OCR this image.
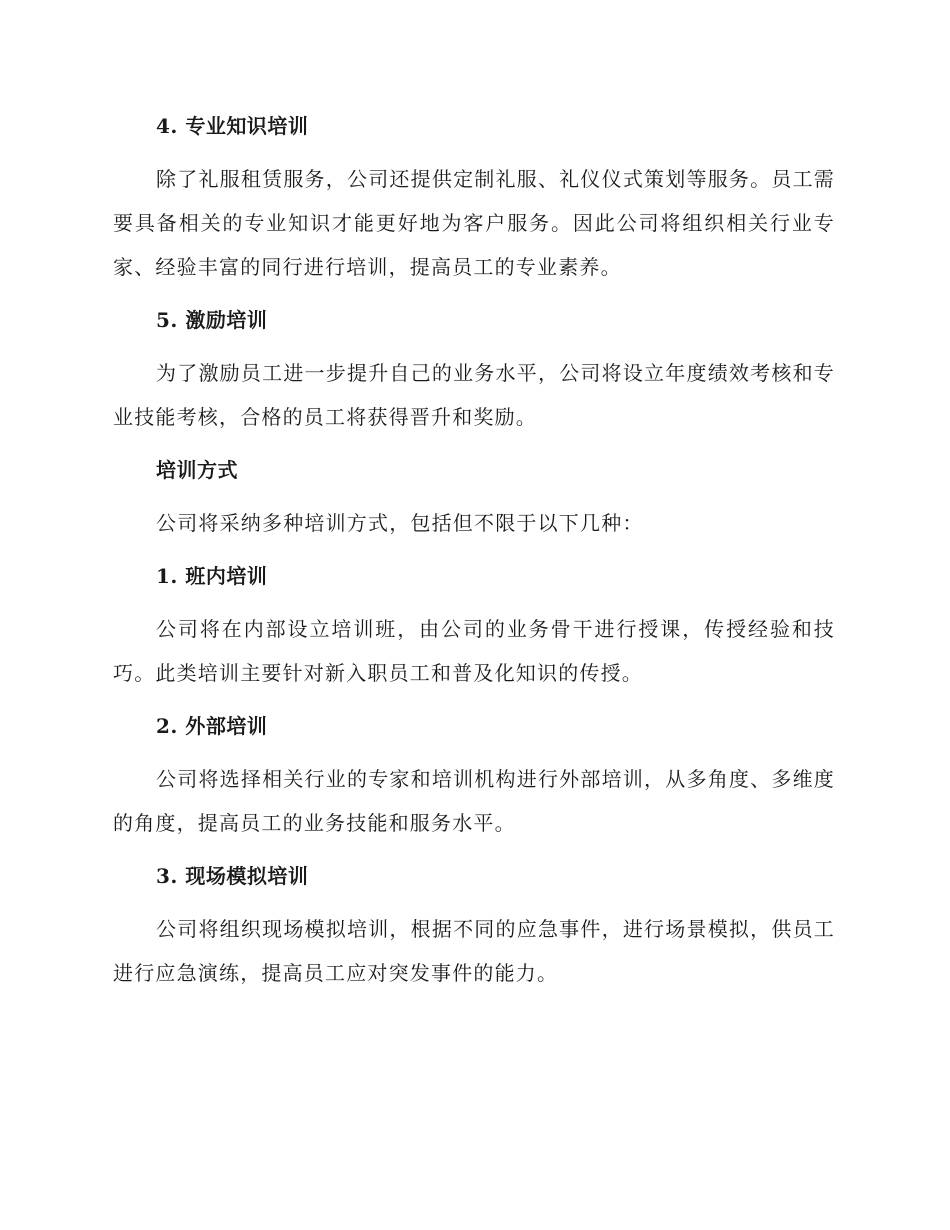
4. 专业知识培训

除了礼服租赁服务，公司还提供定制礼服、礼仪仪式策划等服务。员工需要具备相关的专业知识才能更好地为客户服务。因此公司将组织相关行业专家、经验丰富的同行进行培训，提高员工的专业素养。

5. 激励培训

为了激励员工进一步提升自己的业务水平，公司将设立年度绩效考核和专业技能考核，合格的员工将获得晋升和奖励。

培训方式

公司将采纳多种培训方式，包括但不限于以下几种：

1. 班内培训

公司将在内部设立培训班，由公司的业务骨干进行授课，传授经验和技巧。此类培训主要针对新入职员工和普及化知识的传授。

2. 外部培训

公司将选择相关行业的专家和培训机构进行外部培训，从多角度、多维度的角度，提高员工的业务技能和服务水平。

3. 现场模拟培训

公司将组织现场模拟培训，根据不同的应急事件，进行场景模拟，供员工进行应急演练，提高员工应对突发事件的能力。
